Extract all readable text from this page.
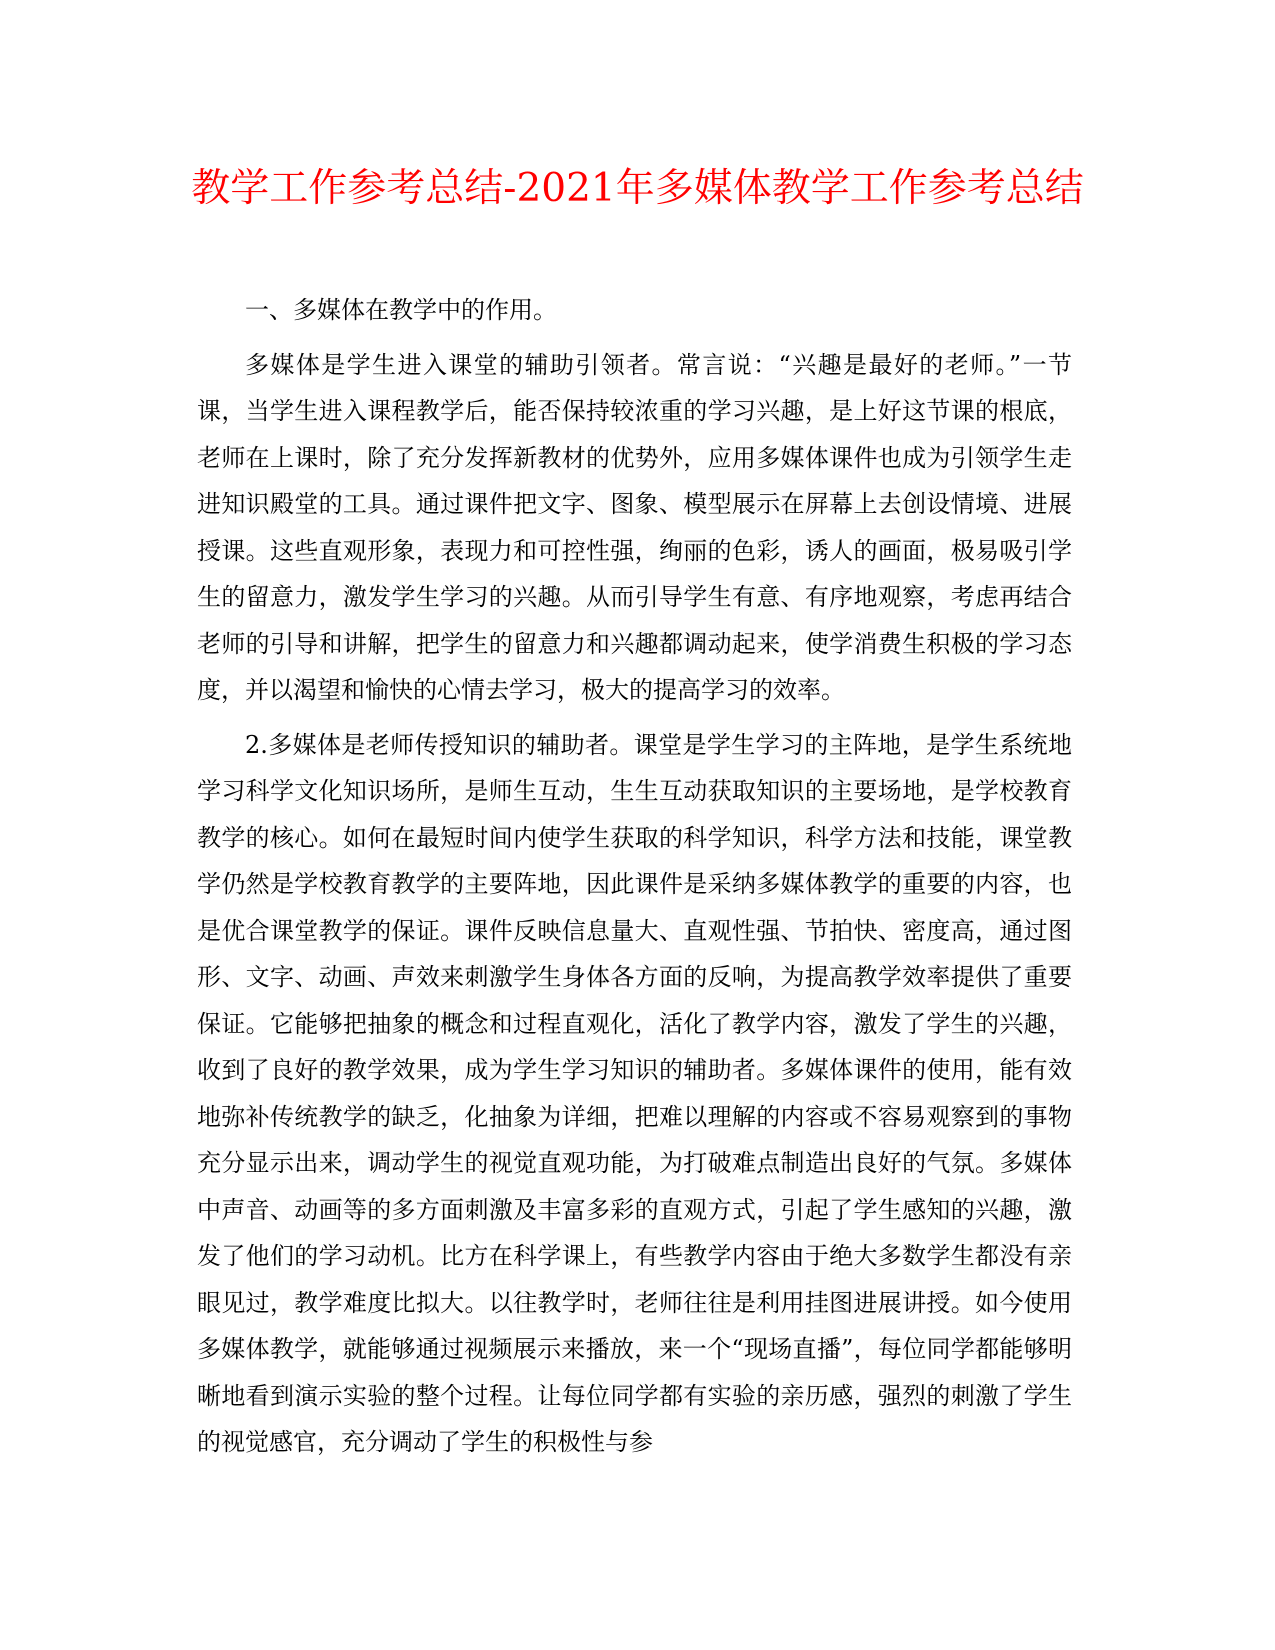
教学工作参考总结-2021年多媒体教学工作参考总结

一、多媒体在教学中的作用。

多媒体是学生进入课堂的辅助引领者。常言说：“兴趣是最好的老师。”一节课，当学生进入课程教学后，能否保持较浓重的学习兴趣，是上好这节课的根底，老师在上课时，除了充分发挥新教材的优势外，应用多媒体课件也成为引领学生走进知识殿堂的工具。通过课件把文字、图象、模型展示在屏幕上去创设情境、进展授课。这些直观形象，表现力和可控性强，绚丽的色彩，诱人的画面，极易吸引学生的留意力，激发学生学习的兴趣。从而引导学生有意、有序地观察，考虑再结合老师的引导和讲解，把学生的留意力和兴趣都调动起来，使学消费生积极的学习态度，并以渴望和愉快的心情去学习，极大的提高学习的效率。

2.多媒体是老师传授知识的辅助者。课堂是学生学习的主阵地，是学生系统地学习科学文化知识场所，是师生互动，生生互动获取知识的主要场地，是学校教育教学的核心。如何在最短时间内使学生获取的科学知识，科学方法和技能，课堂教学仍然是学校教育教学的主要阵地，因此课件是采纳多媒体教学的重要的内容，也是优合课堂教学的保证。课件反映信息量大、直观性强、节拍快、密度高，通过图形、文字、动画、声效来刺激学生身体各方面的反响，为提高教学效率提供了重要保证。它能够把抽象的概念和过程直观化，活化了教学内容，激发了学生的兴趣，收到了良好的教学效果，成为学生学习知识的辅助者。多媒体课件的使用，能有效地弥补传统教学的缺乏，化抽象为详细，把难以理解的内容或不容易观察到的事物充分显示出来，调动学生的视觉直观功能，为打破难点制造出良好的气氛。多媒体中声音、动画等的多方面刺激及丰富多彩的直观方式，引起了学生感知的兴趣，激发了他们的学习动机。比方在科学课上，有些教学内容由于绝大多数学生都没有亲眼见过，教学难度比拟大。以往教学时，老师往往是利用挂图进展讲授。如今使用多媒体教学，就能够通过视频展示来播放，来一个“现场直播”，每位同学都能够明晰地看到演示实验的整个过程。让每位同学都有实验的亲历感，强烈的刺激了学生的视觉感官，充分调动了学生的积极性与参
